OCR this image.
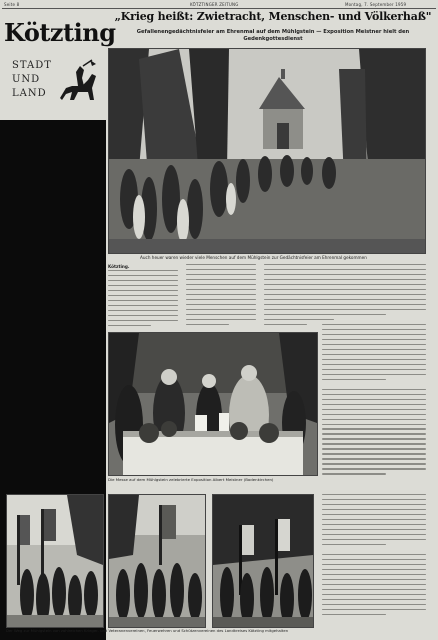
Seite 8	KÖTZTINGER ZEITUNG	Montag, 7. September 1959
Kötzting
STADT
UND
LAND
„Krieg heißt: Zwietracht, Menschen- und Völkerhaß"
Gefallenengedächtnisfeier am Ehrenmal auf dem Mühlgstein — Exposition Meistner hielt den Gedenkgottesdienst
Auch heuer waren wieder viele Menschen auf dem Mühlgstein zur Gedächtnisfeier am Ehrenmal gekommen
Kötzting.
Die Messe auf dem Mühlgstein zelebrierte Exposition Albert Meistner (Bodenkirchen)
Der Weg zur Mühlgstein von zahlreichen Krieger- und Veteranenvereinen, Feuerwehren und Schützenvereinen des Landkreises Kötzting mitgehalten
